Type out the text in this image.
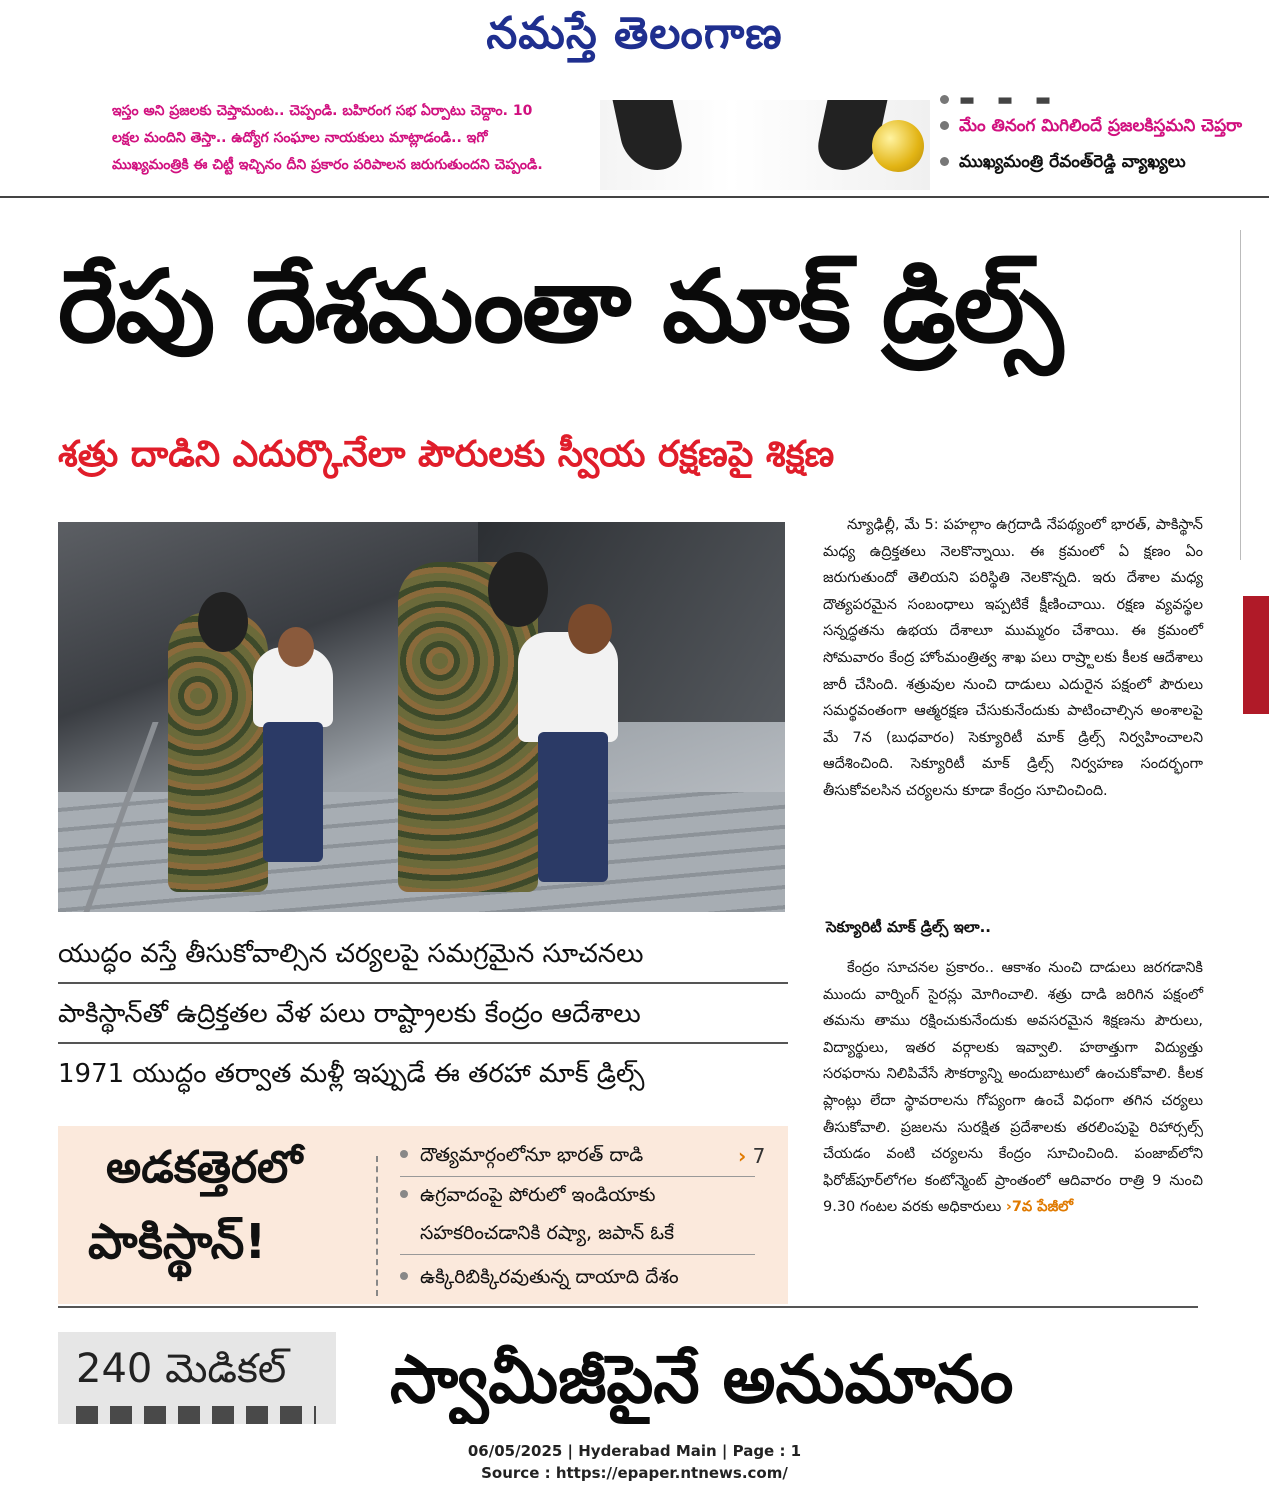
నమస్తే తెలంగాణ
ఇస్తం అని ప్రజలకు చెప్తామంట.. చెప్పండి. బహిరంగ సభ ఏర్పాటు చెద్దాం. 10
లక్షల మందిని తెస్తా.. ఉద్యోగ సంఘాల నాయకులు మాట్లాడండి.. ఇగో
ముఖ్యమంత్రికి ఈ చిట్టీ ఇచ్చినం దీని ప్రకారం పరిపాలన జరుగుతుందని చెప్పండి.
▬ ▬ ▬
మేం తినంగ మిగిలిందే ప్రజలకిస్తమని చెప్తరా
ముఖ్యమంత్రి రేవంత్‌రెడ్డి వ్యాఖ్యలు
రేపు దేశమంతా మాక్ డ్రిల్స్
శత్రు దాడిని ఎదుర్కొనేలా పౌరులకు స్వీయ రక్షణపై శిక్షణ
యుద్ధం వస్తే తీసుకోవాల్సిన చర్యలపై సమగ్రమైన సూచనలు
పాకిస్థాన్‌తో ఉద్రిక్తతల వేళ పలు రాష్ట్రాలకు కేంద్రం ఆదేశాలు
1971 యుద్ధం తర్వాత మళ్లీ ఇప్పుడే ఈ తరహా మాక్ డ్రిల్స్
అడకత్తెరలో
పాకిస్థాన్!
దౌత్యమార్గంలోనూ భారత్ దాడి	› 7
ఉగ్రవాదంపై పోరులో ఇండియాకు
సహకరించడానికి రష్యా, జపాన్ ఓకే
ఉక్కిరిబిక్కిరవుతున్న దాయాది దేశం

న్యూఢిల్లీ, మే 5: పహల్గాం ఉగ్రదాడి నేపథ్యంలో భారత్, పాకిస్థాన్ మధ్య ఉద్రిక్తతలు నెలకొన్నాయి. ఈ క్రమంలో ఏ క్షణం ఏం జరుగుతుందో తెలియని పరిస్థితి నెలకొన్నది. ఇరు దేశాల మధ్య దౌత్యపరమైన సంబంధాలు ఇప్పటికే క్షీణించాయి. రక్షణ వ్యవస్థల సన్నద్ధతను ఉభయ దేశాలూ ముమ్మరం చేశాయి. ఈ క్రమంలో సోమవారం కేంద్ర హోంమంత్రిత్వ శాఖ పలు రాష్ర్టాలకు కీలక ఆదేశాలు జారీ చేసింది. శత్రువుల నుంచి దాడులు ఎదురైన పక్షంలో పౌరులు సమర్థవంతంగా ఆత్మరక్షణ చేసుకునేందుకు పాటించాల్సిన అంశాలపై మే 7న (బుధవారం) సెక్యూరిటీ మాక్ డ్రిల్స్ నిర్వహించాలని ఆదేశించింది. సెక్యూరిటీ మాక్ డ్రిల్స్ నిర్వహణ సందర్భంగా తీసుకోవలసిన చర్యలను కూడా కేంద్రం సూచించింది.

సెక్యూరిటీ మాక్ డ్రిల్స్ ఇలా..

కేంద్రం సూచనల ప్రకారం.. ఆకాశం నుంచి దాడులు జరగడానికి ముందు వార్నింగ్ సైరన్లు మోగించాలి. శత్రు దాడి జరిగిన పక్షంలో తమను తాము రక్షించుకునేందుకు అవసరమైన శిక్షణను పౌరులు, విద్యార్థులు, ఇతర వర్గాలకు ఇవ్వాలి. హఠాత్తుగా విద్యుత్తు సరఫరాను నిలిపివేసే సౌకర్యాన్ని అందుబాటులో ఉంచుకోవాలి. కీలక ప్లాంట్లు లేదా స్థావరాలను గోప్యంగా ఉంచే విధంగా తగిన చర్యలు తీసుకోవాలి. ప్రజలను సురక్షిత ప్రదేశాలకు తరలింపుపై రిహార్సల్స్ చేయడం వంటి చర్యలను కేంద్రం సూచించింది. పంజాబ్‌లోని ఫిరోజ్‌పూర్‌లోగల కంటోన్మెంట్ ప్రాంతంలో ఆదివారం రాత్రి 9 నుంచి 9.30 గంటల వరకు అధికారులు ›7వ పేజీలో

240 మెడికల్ స్వామీజీపైనే అనుమానం
06/05/2025 | Hyderabad Main | Page : 1
Source : https://epaper.ntnews.com/
